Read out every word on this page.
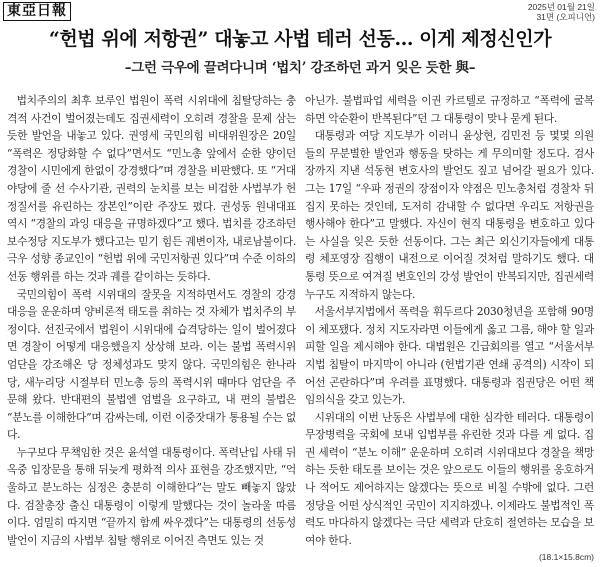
東亞日報	2025년 01월 21일
31면 (오피니언)
“헌법 위에 저항권” 대놓고 사법 테러 선동… 이게 제정신인가
–그런 극우에 끌려다니며 ‘법치’ 강조하던 과거 잊은 듯한 與–

법치주의의 최후 보루인 법원이 폭력 시위대에 침탈당하는 충격적 사건이 벌어졌는데도 집권세력이 오히려 경찰을 문제 삼는 듯한 발언을 내놓고 있다. 권영세 국민의힘 비대위원장은 20일 “폭력은 정당화할 수 없다”면서도 “민노총 앞에서 순한 양이던 경찰이 시민에게 한없이 강경했다”며 경찰을 비판했다. 또 “거대 야당에 줄 선 수사기관, 권력의 눈치를 보는 비겁한 사법부가 헌정질서를 유린하는 장본인”이란 주장도 폈다. 권성동 원내대표 역시 “경찰의 과잉 대응을 규명하겠다”고 했다. 법치를 강조하던 보수정당 지도부가 했다고는 믿기 힘든 궤변이자, 내로남불이다. 극우 성향 종교인이 “헌법 위에 국민저항권 있다”며 수준 이하의 선동 행위를 하는 것과 궤를 같이하는 듯하다.

국민의힘이 폭력 시위대의 잘못을 지적하면서도 경찰의 강경 대응을 운운하며 양비론적 태도를 취하는 것 자체가 법치주의 부정이다. 선진국에서 법원이 시위대에 습격당하는 일이 벌어졌다면 경찰이 어떻게 대응했을지 상상해 보라. 이는 불법 폭력시위 엄단을 강조해온 당 정체성과도 맞지 않다. 국민의힘은 한나라당, 새누리당 시절부터 민노총 등의 폭력시위 때마다 엄단을 주문해 왔다. 반대편의 불법엔 엄벌을 요구하고, 내 편의 불법은 “분노를 이해한다”며 감싸는데, 이런 이중잣대가 통용될 수는 없다.

누구보다 무책임한 것은 윤석열 대통령이다. 폭력난입 사태 뒤 옥중 입장문을 통해 뒤늦게 평화적 의사 표현을 강조했지만, “억울하고 분노하는 심정은 충분히 이해한다”는 말도 빼놓지 않았다. 검찰총장 출신 대통령이 이렇게 말했다는 것이 놀라울 따름이다. 엄밀히 따지면 “끝까지 함께 싸우겠다”는 대통령의 선동성 발언이 지금의 사법부 침탈 행위로 이어진 측면도 있는 것

아닌가. 불법파업 세력을 이권 카르텔로 규정하고 “폭력에 굴복하면 악순환이 반복된다”던 그 대통령이 맞나 묻게 된다.

대통령과 여당 지도부가 이러니 윤상현, 김민전 등 몇몇 의원들의 무분별한 발언과 행동을 탓하는 게 무의미할 정도다. 검사장까지 지낸 석동현 변호사의 발언도 짚고 넘어갈 필요가 있다. 그는 17일 “우파 정권의 장점이자 약점은 민노총처럼 경찰차 뒤집지 못하는 것인데, 도저히 감내할 수 없다면 우리도 저항권을 행사해야 한다”고 말했다. 자신이 현직 대통령을 변호하고 있다는 사실을 잊은 듯한 선동이다. 그는 최근 외신기자들에게 대통령 체포영장 집행이 내전으로 이어질 것처럼 말하기도 했다. 대통령 뜻으로 여겨질 변호인의 강성 발언이 반복되지만, 집권세력 누구도 지적하지 않는다.

서울서부지법에서 폭력을 휘두르다 2030청년을 포함해 90명이 체포됐다. 정치 지도자라면 이들에게 옳고 그름, 해야 할 일과 피할 일을 제시해야 한다. 대법원은 긴급회의를 열고 “서울서부지법 침탈이 마지막이 아니라 (헌법기관 연쇄 공격의) 시작이 되어선 곤란하다”며 우려를 표명했다. 대통령과 집권당은 어떤 책임의식을 갖고 있는가.

시위대의 이번 난동은 사법부에 대한 심각한 테러다. 대통령이 무장병력을 국회에 보내 입법부를 유린한 것과 다를 게 없다. 집권 세력이 “분노 이해” 운운하며 오히려 시위대보다 경찰을 책망하는 듯한 태도를 보이는 것은 앞으로도 이들의 행위를 옹호하거나 적어도 제어하지는 않겠다는 뜻으로 비칠 수밖에 없다. 그런 정당을 어떤 상식적인 국민이 지지하겠나. 이제라도 불법적인 폭력도 마다하지 않겠다는 극단 세력과 단호히 절연하는 모습을 보여야 한다.

(18.1×15.8cm)
